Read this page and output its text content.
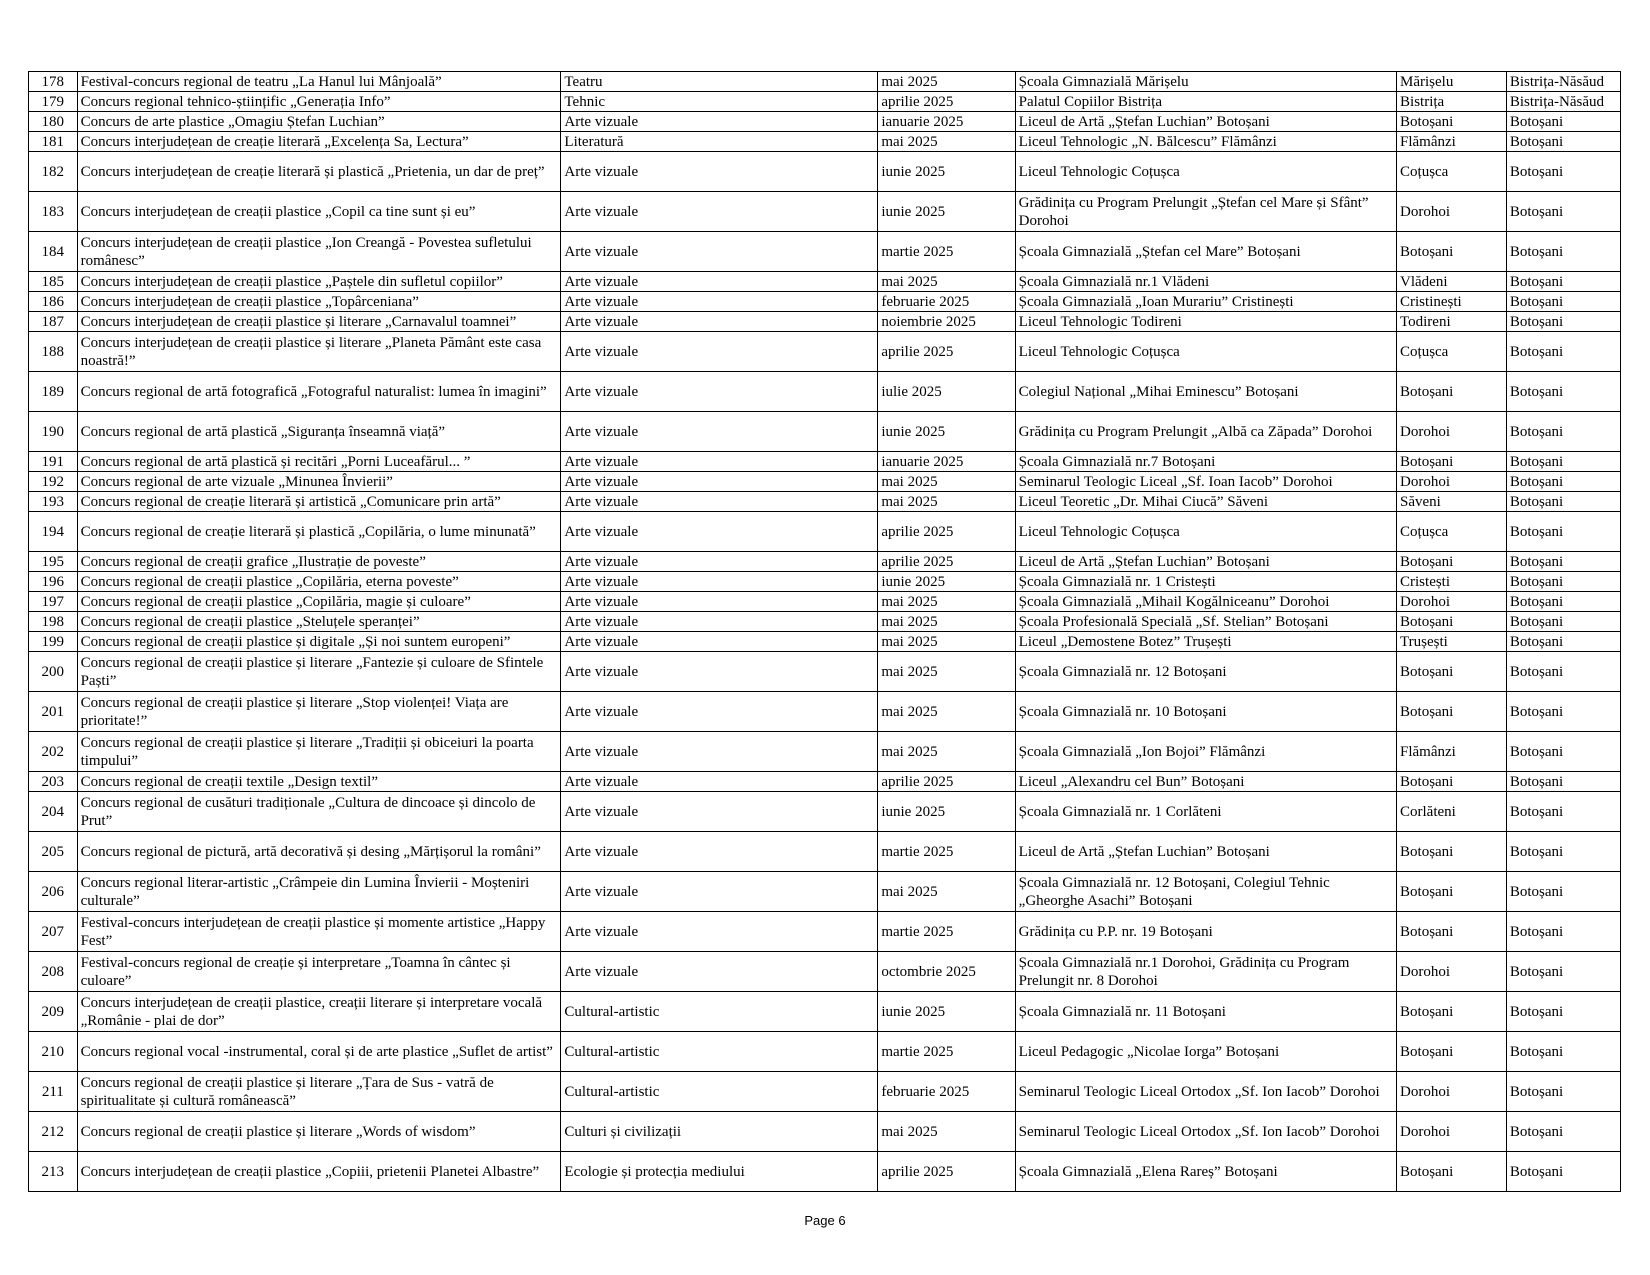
178	Festival-concurs regional de teatru „La Hanul lui Mânjoală”	Teatru	mai 2025	Școala Gimnazială Mărișelu	Mărișelu	Bistrița-Năsăud
179	Concurs regional tehnico-științific „Generația Info”	Tehnic	aprilie 2025	Palatul Copiilor Bistrița	Bistrița	Bistrița-Năsăud
180	Concurs de arte plastice „Omagiu Ștefan Luchian”	Arte vizuale	ianuarie 2025	Liceul de Artă „Ștefan Luchian” Botoșani	Botoșani	Botoșani
181	Concurs interjudețean de creație literară „Excelența Sa, Lectura”	Literatură	mai 2025	Liceul Tehnologic „N. Bălcescu” Flămânzi	Flămânzi	Botoșani
182	Concurs interjudețean de creație literară și plastică „Prietenia, un dar de preț”	Arte vizuale	iunie 2025	Liceul Tehnologic Coțușca	Coțușca	Botoșani
183	Concurs interjudețean de creații plastice „Copil ca tine sunt și eu”	Arte vizuale	iunie 2025	Grădinița cu Program Prelungit „Ștefan cel Mare și Sfânt” Dorohoi	Dorohoi	Botoșani
184	Concurs interjudețean de creații plastice „Ion Creangă - Povestea sufletului românesc”	Arte vizuale	martie 2025	Școala Gimnazială „Ștefan cel Mare” Botoșani	Botoșani	Botoșani
185	Concurs interjudețean de creații plastice „Paștele din sufletul copiilor”	Arte vizuale	mai 2025	Școala Gimnazială nr.1 Vlădeni	Vlădeni	Botoșani
186	Concurs interjudețean de creații plastice „Topârceniana”	Arte vizuale	februarie 2025	Școala Gimnazială „Ioan Murariu” Cristinești	Cristinești	Botoșani
187	Concurs interjudețean de creații plastice și literare „Carnavalul toamnei”	Arte vizuale	noiembrie 2025	Liceul Tehnologic Todireni	Todireni	Botoșani
188	Concurs interjudețean de creații plastice și literare „Planeta Pământ este casa noastră!”	Arte vizuale	aprilie 2025	Liceul Tehnologic Coțușca	Coțușca	Botoșani
189	Concurs regional de artă fotografică „Fotograful naturalist: lumea în imagini”	Arte vizuale	iulie 2025	Colegiul Național „Mihai Eminescu” Botoșani	Botoșani	Botoșani
190	Concurs regional de artă plastică „Siguranța înseamnă viață”	Arte vizuale	iunie 2025	Grădinița cu Program Prelungit „Albă ca Zăpada” Dorohoi	Dorohoi	Botoșani
191	Concurs regional de artă plastică și recitări „Porni Luceafărul... ”	Arte vizuale	ianuarie 2025	Școala Gimnazială nr.7 Botoșani	Botoșani	Botoșani
192	Concurs regional de arte vizuale „Minunea Învierii”	Arte vizuale	mai 2025	Seminarul Teologic Liceal „Sf. Ioan Iacob” Dorohoi	Dorohoi	Botoșani
193	Concurs regional de creație literară și artistică „Comunicare prin artă”	Arte vizuale	mai 2025	Liceul Teoretic „Dr. Mihai Ciucă” Săveni	Săveni	Botoșani
194	Concurs regional de creație literară și plastică „Copilăria, o lume minunată”	Arte vizuale	aprilie 2025	Liceul Tehnologic Coțușca	Coțușca	Botoșani
195	Concurs regional de creații grafice „Ilustrație de poveste”	Arte vizuale	aprilie 2025	Liceul de Artă „Ștefan Luchian” Botoșani	Botoșani	Botoșani
196	Concurs regional de creații plastice „Copilăria, eterna poveste”	Arte vizuale	iunie 2025	Școala Gimnazială nr. 1 Cristești	Cristești	Botoșani
197	Concurs regional de creații plastice „Copilăria, magie și culoare”	Arte vizuale	mai 2025	Școala Gimnazială „Mihail Kogălniceanu” Dorohoi	Dorohoi	Botoșani
198	Concurs regional de creații plastice „Steluțele speranței”	Arte vizuale	mai 2025	Școala Profesională Specială „Sf. Stelian” Botoșani	Botoșani	Botoșani
199	Concurs regional de creații plastice și digitale „Și noi suntem europeni”	Arte vizuale	mai 2025	Liceul „Demostene Botez” Trușești	Trușești	Botoșani
200	Concurs regional de creații plastice și literare „Fantezie și culoare de Sfintele Paști”	Arte vizuale	mai 2025	Școala Gimnazială nr. 12 Botoșani	Botoșani	Botoșani
201	Concurs regional de creații plastice și literare „Stop violenței! Viața are prioritate!”	Arte vizuale	mai 2025	Școala Gimnazială nr. 10 Botoșani	Botoșani	Botoșani
202	Concurs regional de creații plastice și literare „Tradiții și obiceiuri la poarta timpului”	Arte vizuale	mai 2025	Școala Gimnazială „Ion Bojoi” Flămânzi	Flămânzi	Botoșani
203	Concurs regional de creații textile „Design textil”	Arte vizuale	aprilie 2025	Liceul „Alexandru cel Bun” Botoșani	Botoșani	Botoșani
204	Concurs regional de cusături tradiționale „Cultura de dincoace și dincolo de Prut”	Arte vizuale	iunie 2025	Școala Gimnazială nr. 1 Corlăteni	Corlăteni	Botoșani
205	Concurs regional de pictură, artă decorativă și desing „Mărțișorul la români”	Arte vizuale	martie 2025	Liceul de Artă „Ștefan Luchian” Botoșani	Botoșani	Botoșani
206	Concurs regional literar-artistic „Crâmpeie din Lumina Învierii - Moșteniri culturale”	Arte vizuale	mai 2025	Școala Gimnazială nr. 12 Botoșani, Colegiul Tehnic „Gheorghe Asachi” Botoșani	Botoșani	Botoșani
207	Festival-concurs interjudețean de creații plastice și momente artistice „Happy Fest”	Arte vizuale	martie 2025	Grădinița cu P.P. nr. 19 Botoșani	Botoșani	Botoșani
208	Festival-concurs regional de creație și interpretare „Toamna în cântec și culoare”	Arte vizuale	octombrie 2025	Școala Gimnazială nr.1 Dorohoi, Grădinița cu Program Prelungit nr. 8 Dorohoi	Dorohoi	Botoșani
209	Concurs interjudețean de creații plastice, creații literare și interpretare vocală „Românie - plai de dor”	Cultural-artistic	iunie 2025	Școala Gimnazială nr. 11 Botoșani	Botoșani	Botoșani
210	Concurs regional vocal -instrumental, coral și de arte plastice „Suflet de artist”	Cultural-artistic	martie 2025	Liceul Pedagogic „Nicolae Iorga” Botoșani	Botoșani	Botoșani
211	Concurs regional de creații plastice și literare „Țara de Sus - vatră de spiritualitate și cultură românească”	Cultural-artistic	februarie 2025	Seminarul Teologic Liceal Ortodox „Sf. Ion Iacob” Dorohoi	Dorohoi	Botoșani
212	Concurs regional de creații plastice și literare „Words of wisdom”	Culturi și civilizații	mai 2025	Seminarul Teologic Liceal Ortodox „Sf. Ion Iacob” Dorohoi	Dorohoi	Botoșani
213	Concurs interjudețean de creații plastice „Copiii, prietenii Planetei Albastre”	Ecologie și protecția mediului	aprilie 2025	Școala Gimnazială „Elena Rareș” Botoșani	Botoșani	Botoșani
Page 6
